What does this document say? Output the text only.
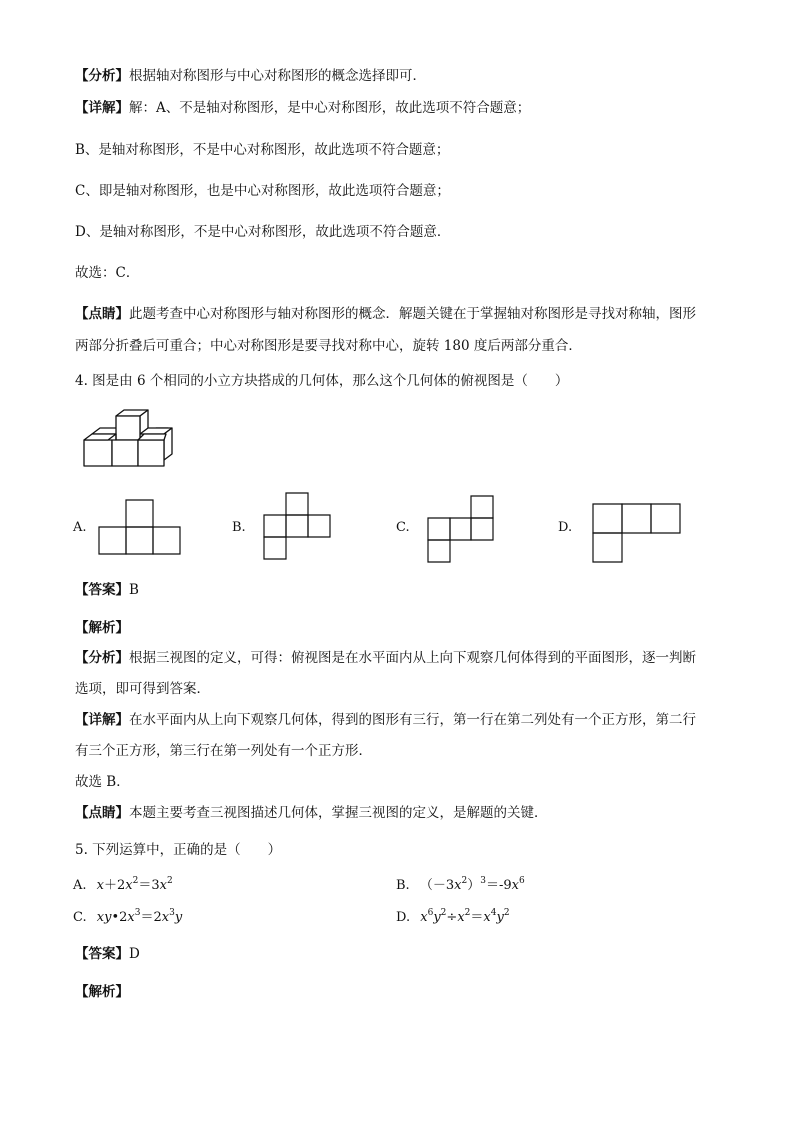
【分析】根据轴对称图形与中心对称图形的概念选择即可．
【详解】解：A、不是轴对称图形，是中心对称图形，故此选项不符合题意；
B、是轴对称图形，不是中心对称图形，故此选项不符合题意；
C、即是轴对称图形，也是中心对称图形，故此选项符合题意；
D、是轴对称图形，不是中心对称图形，故此选项不符合题意．
故选：C．
【点睛】此题考查中心对称图形与轴对称图形的概念．解题关键在于掌握轴对称图形是寻找对称轴，图形
两部分折叠后可重合；中心对称图形是要寻找对称中心，旋转 180 度后两部分重合．
4. 图是由 6 个相同的小立方块搭成的几何体，那么这个几何体的俯视图是（　　）
A.	B.	C.	D.
【答案】B
【解析】
【分析】根据三视图的定义，可得：俯视图是在水平面内从上向下观察几何体得到的平面图形，逐一判断
选项，即可得到答案．
【详解】在水平面内从上向下观察几何体，得到的图形有三行，第一行在第二列处有一个正方形，第二行
有三个正方形，第三行在第一列处有一个正方形．
故选 B．
【点睛】本题主要考查三视图描述几何体，掌握三视图的定义，是解题的关键．
5. 下列运算中，正确的是（　　）
A. $x+2x^2=3x^2$	B. $(-3x^2)^3=-9x^6$
C. $xy•2x^3=2x^3y$	D. $x^6y^2\div x^2=x^4y^2$
【答案】D
【解析】
